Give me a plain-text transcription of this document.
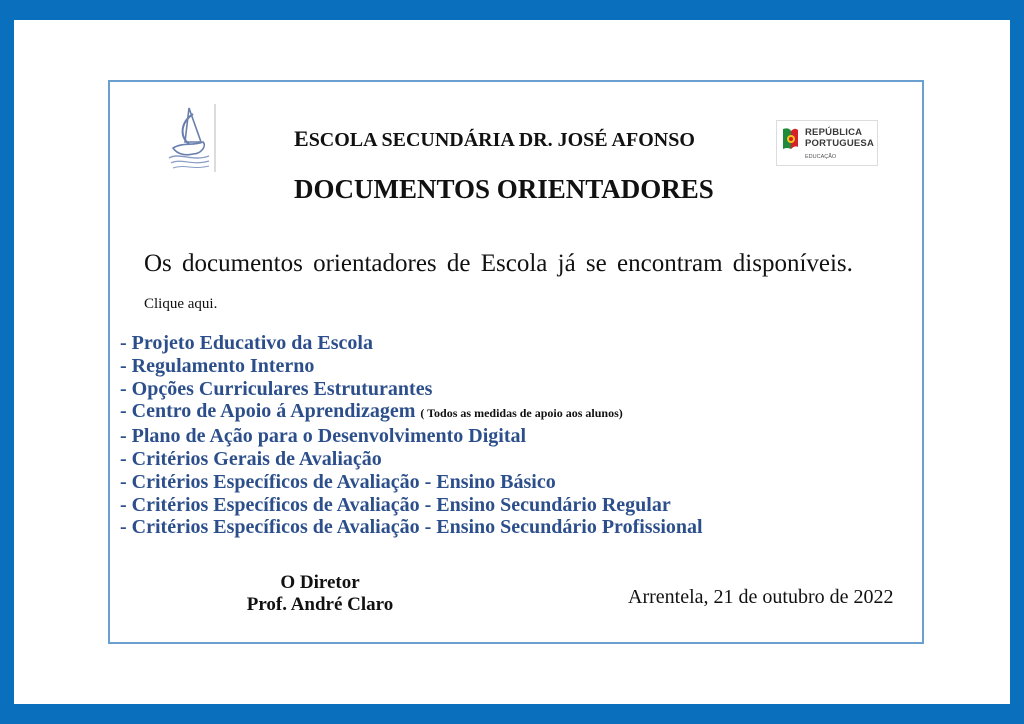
REPÚBLICA
PORTUGUESA
EDUCAÇÃO
ESCOLA SECUNDÁRIA DR. JOSÉ AFONSO
DOCUMENTOS ORIENTADORES
Os documentos orientadores de Escola já se encontram disponíveis.
Clique aqui.
- Projeto Educativo da Escola
- Regulamento Interno
- Opções Curriculares Estruturantes
- Centro de Apoio á Aprendizagem ( Todos as medidas de apoio aos alunos)
- Plano de Ação para o Desenvolvimento Digital
- Critérios Gerais de Avaliação
- Critérios Específicos de Avaliação - Ensino Básico
- Critérios Específicos de Avaliação - Ensino Secundário Regular
- Critérios Específicos de Avaliação - Ensino Secundário Profissional
O Diretor
Prof. André Claro	Arrentela, 21 de outubro de 2022
